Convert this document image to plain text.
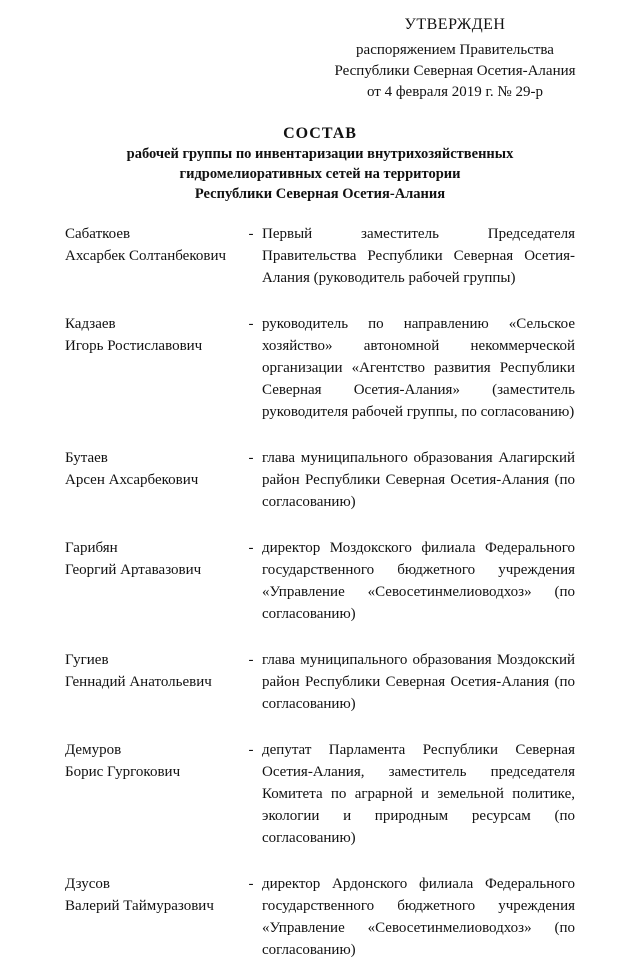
УТВЕРЖДЕН
распоряжением Правительства
Республики Северная Осетия-Алания
от 4 февраля 2019 г. № 29-р
СОСТАВ
рабочей группы по инвентаризации внутрихозяйственных
гидромелиоративных сетей на территории
Республики Северная Осетия-Алания
Сабаткоев
Ахсарбек Солтанбекович
- Первый заместитель Председателя Правительства Республики Северная Осетия-Алания (руководитель рабочей группы)
Кадзаев
Игорь Ростиславович
- руководитель по направлению «Сельское хозяйство» автономной некоммерческой организации «Агентство развития Республики Северная Осетия-Алания» (заместитель руководителя рабочей группы, по согласованию)
Бутаев
Арсен Ахсарбекович
- глава муниципального образования Алагирский район Республики Северная Осетия-Алания (по согласованию)
Гарибян
Георгий Артавазович
- директор Моздокского филиала Федерального государственного бюджетного учреждения «Управление «Севосетинмелиоводхоз» (по согласованию)
Гугиев
Геннадий Анатольевич
- глава муниципального образования Моздокский район Республики Северная Осетия-Алания (по согласованию)
Демуров
Борис Гургокович
- депутат Парламента Республики Северная Осетия-Алания, заместитель председателя Комитета по аграрной и земельной политике, экологии и природным ресурсам (по согласованию)
Дзусов
Валерий Таймуразович
- директор Ардонского филиала Федерального государственного бюджетного учреждения «Управление «Севосетинмелиоводхоз» (по согласованию)
